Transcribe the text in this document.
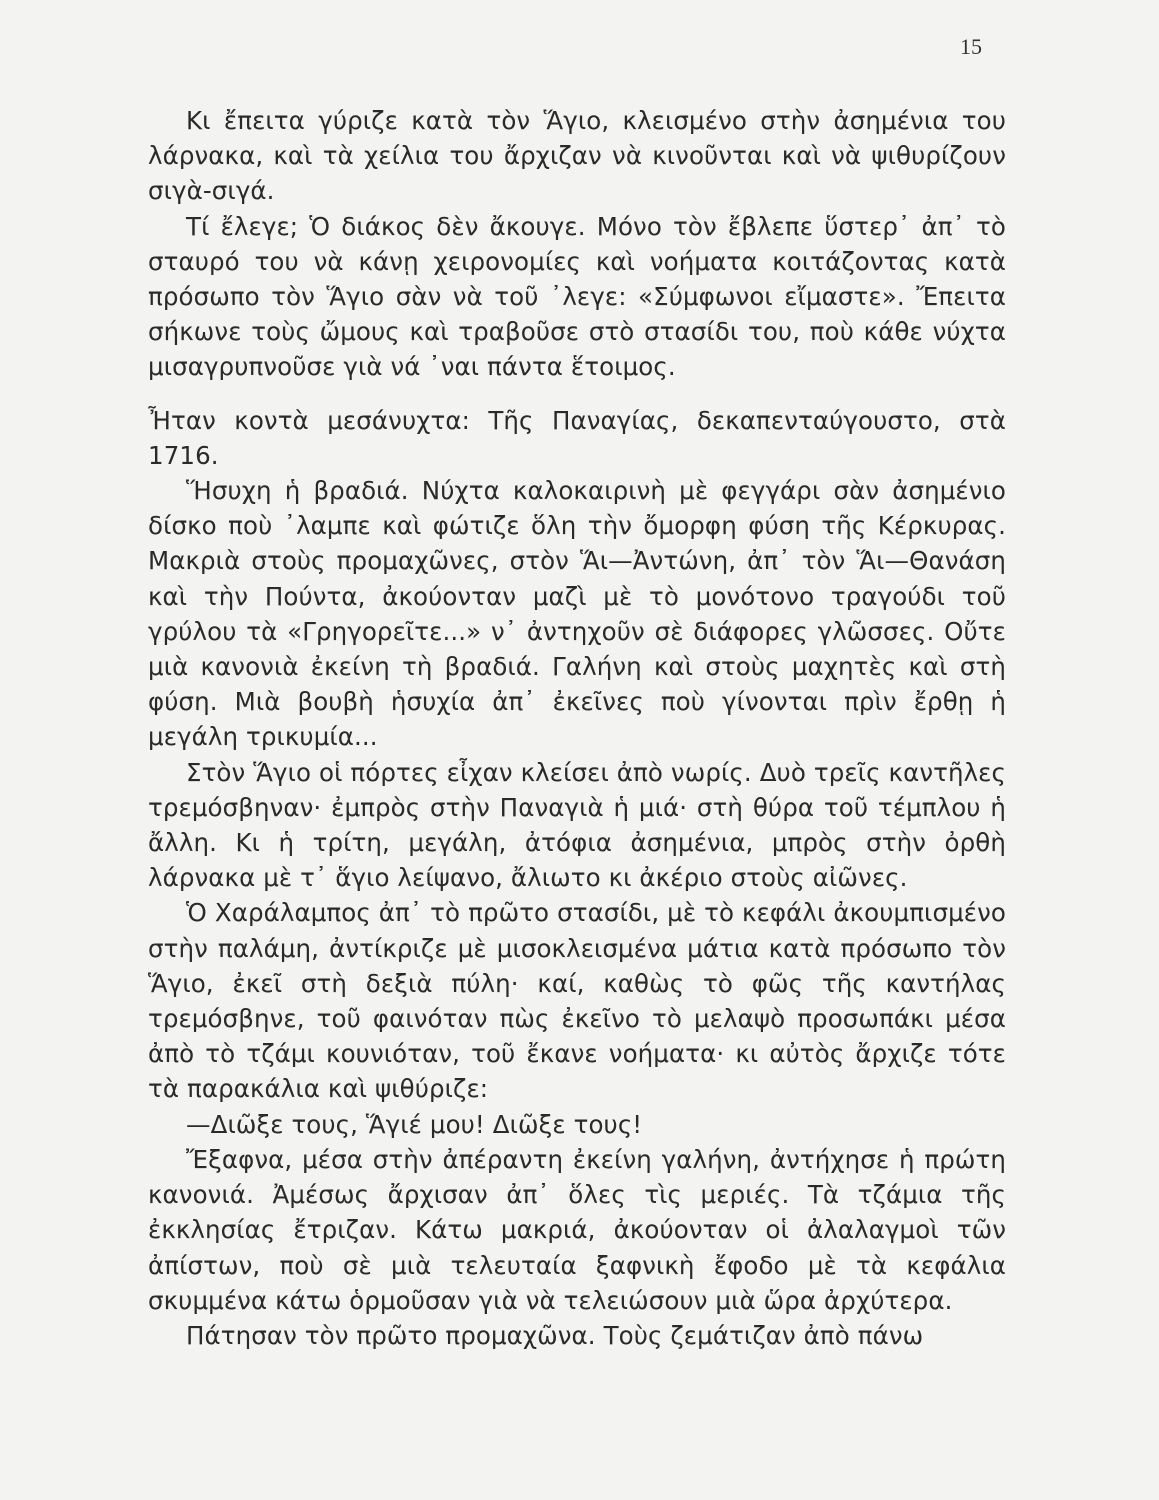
15

Κι ἔπειτα γύριζε κατὰ τὸν Ἅγιο, κλεισμένο στὴν ἀσημένια του λάρνακα, καὶ τὰ χείλια του ἄρχιζαν νὰ κινοῦνται καὶ νὰ ψιθυρίζουν σιγὰ-σιγά.

Τί ἔλεγε; Ὁ διάκος δὲν ἄκουγε. Μόνο τὸν ἔβλεπε ὕστερ᾽ ἀπ᾽ τὸ σταυρό του νὰ κάνῃ χειρονομίες καὶ νοήματα κοιτάζοντας κατὰ πρόσωπο τὸν Ἅγιο σὰν νὰ τοῦ ᾽λεγε: «Σύμφωνοι εἴμαστε». Ἔπειτα σήκωνε τοὺς ὤμους καὶ τραβοῦσε στὸ στασίδι του, ποὺ κάθε νύχτα μισαγρυπνοῦσε γιὰ νά ᾽ναι πάντα ἕτοιμος.

Ἦταν κοντὰ μεσάνυχτα: Τῆς Παναγίας, δεκαπενταύγουστο, στὰ 1716.

Ἥσυχη ἡ βραδιά. Νύχτα καλοκαιρινὴ μὲ φεγγάρι σὰν ἀσημένιο δίσκο ποὺ ᾽λαμπε καὶ φώτιζε ὅλη τὴν ὄμορφη φύση τῆς Κέρκυρας. Μακριὰ στοὺς προμαχῶνες, στὸν Ἅι—Ἀντώνη, ἀπ᾽ τὸν Ἅι—Θανάση καὶ τὴν Πούντα, ἀκούονταν μαζὶ μὲ τὸ μονότονο τραγούδι τοῦ γρύλου τὰ «Γρηγορεῖτε...» ν᾽ ἀντηχοῦν σὲ διάφορες γλῶσσες. Οὔτε μιὰ κανονιὰ ἐκείνη τὴ βραδιά. Γαλήνη καὶ στοὺς μαχητὲς καὶ στὴ φύση. Μιὰ βουβὴ ἡσυχία ἀπ᾽ ἐκεῖνες ποὺ γίνονται πρὶν ἔρθῃ ἡ μεγάλη τρικυμία...

Στὸν Ἅγιο οἱ πόρτες εἶχαν κλείσει ἀπὸ νωρίς. Δυὸ τρεῖς καντῆλες τρεμόσβηναν· ἐμπρὸς στὴν Παναγιὰ ἡ μιά· στὴ θύρα τοῦ τέμπλου ἡ ἄλλη. Κι ἡ τρίτη, μεγάλη, ἀτόφια ἀσημένια, μπρὸς στὴν ὀρθὴ λάρνακα μὲ τ᾽ ἅγιο λείψανο, ἄλιωτο κι ἀκέριο στοὺς αἰῶνες.

Ὁ Χαράλαμπος ἀπ᾽ τὸ πρῶτο στασίδι, μὲ τὸ κεφάλι ἀκουμπισμένο στὴν παλάμη, ἀντίκριζε μὲ μισοκλεισμένα μάτια κατὰ πρόσωπο τὸν Ἅγιο, ἐκεῖ στὴ δεξιὰ πύλη· καί, καθὼς τὸ φῶς τῆς καντήλας τρεμόσβηνε, τοῦ φαινόταν πὼς ἐκεῖνο τὸ μελαψὸ προσωπάκι μέσα ἀπὸ τὸ τζάμι κουνιόταν, τοῦ ἔκανε νοήματα· κι αὐτὸς ἄρχιζε τότε τὰ παρακάλια καὶ ψιθύριζε:

—Διῶξε τους, Ἅγιέ μου! Διῶξε τους!

Ἔξαφνα, μέσα στὴν ἀπέραντη ἐκείνη γαλήνη, ἀντήχησε ἡ πρώτη κανονιά. Ἀμέσως ἄρχισαν ἀπ᾽ ὅλες τὶς μεριές. Τὰ τζάμια τῆς ἐκκλησίας ἔτριζαν. Κάτω μακριά, ἀκούονταν οἱ ἀλαλαγμοὶ τῶν ἀπίστων, ποὺ σὲ μιὰ τελευταία ξαφνικὴ ἔφοδο μὲ τὰ κεφάλια σκυμμένα κάτω ὁρμοῦσαν γιὰ νὰ τελειώσουν μιὰ ὥρα ἀρχύτερα.

Πάτησαν τὸν πρῶτο προμαχῶνα. Τοὺς ζεμάτιζαν ἀπὸ πάνω
